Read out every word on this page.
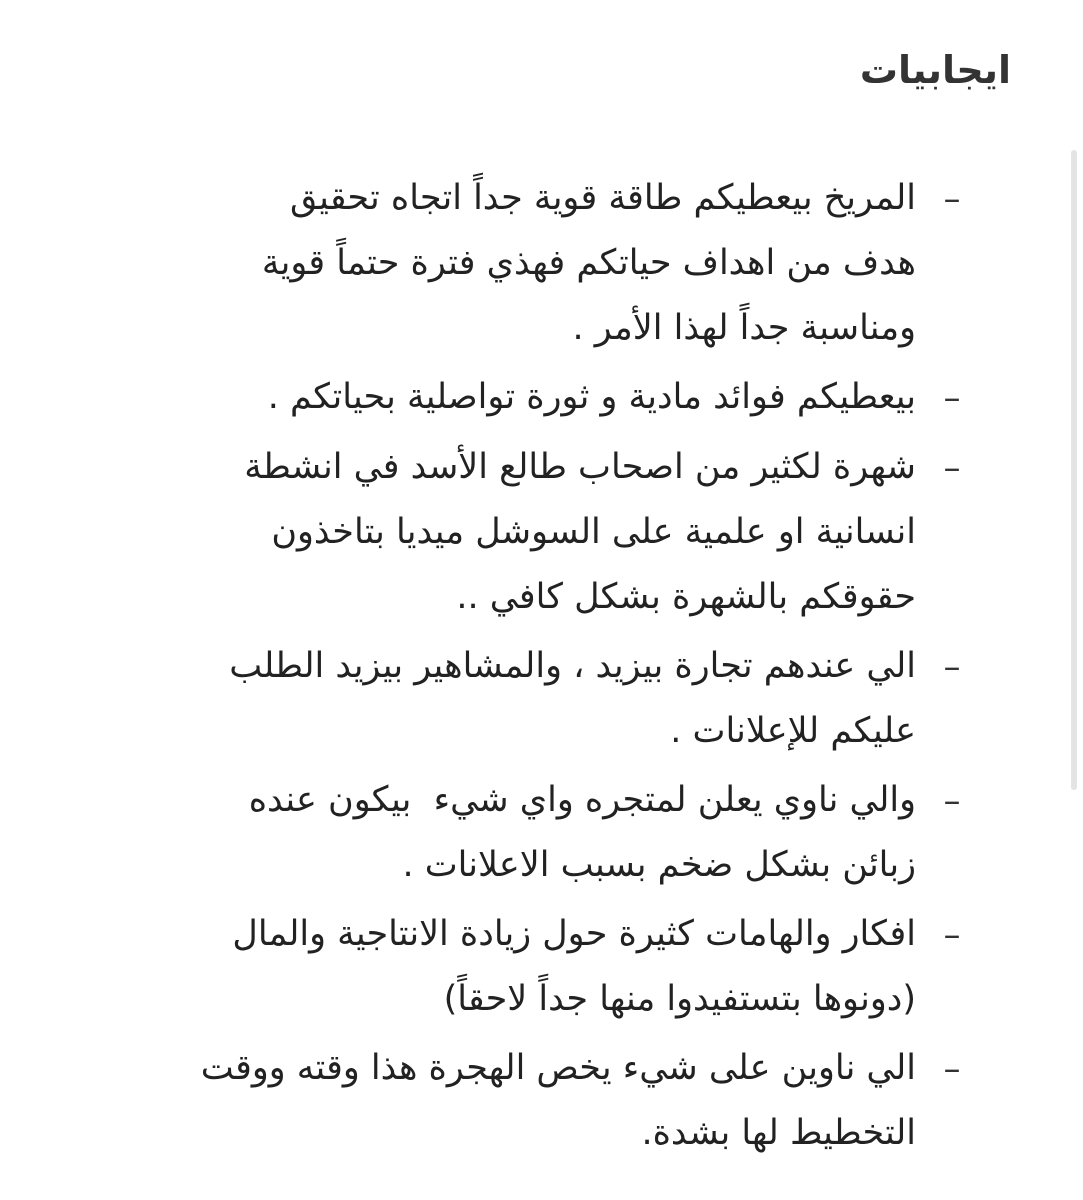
ايجابيات
–
المريخ بيعطيكم طاقة قوية جداً اتجاه تحقيق
هدف من اهداف حياتكم فهذي فترة حتماً قوية
ومناسبة جداً لهذا الأمر .
–
بيعطيكم فوائد مادية و ثورة تواصلية بحياتكم .
–
شهرة لكثير من اصحاب طالع الأسد في انشطة
انسانية او علمية على السوشل ميديا بتاخذون
حقوقكم بالشهرة بشكل كافي ..
–
الي عندهم تجارة بيزيد ، والمشاهير بيزيد الطلب
عليكم للإعلانات .
–
والي ناوي يعلن لمتجره واي شيء  بيكون عنده
زبائن بشكل ضخم بسبب الاعلانات .
–
افكار والهامات كثيرة حول زيادة الانتاجية والمال
(دونوها بتستفيدوا منها جداً لاحقاً)
–
الي ناوين على شيء يخص الهجرة هذا وقته ووقت
التخطيط لها بشدة.
